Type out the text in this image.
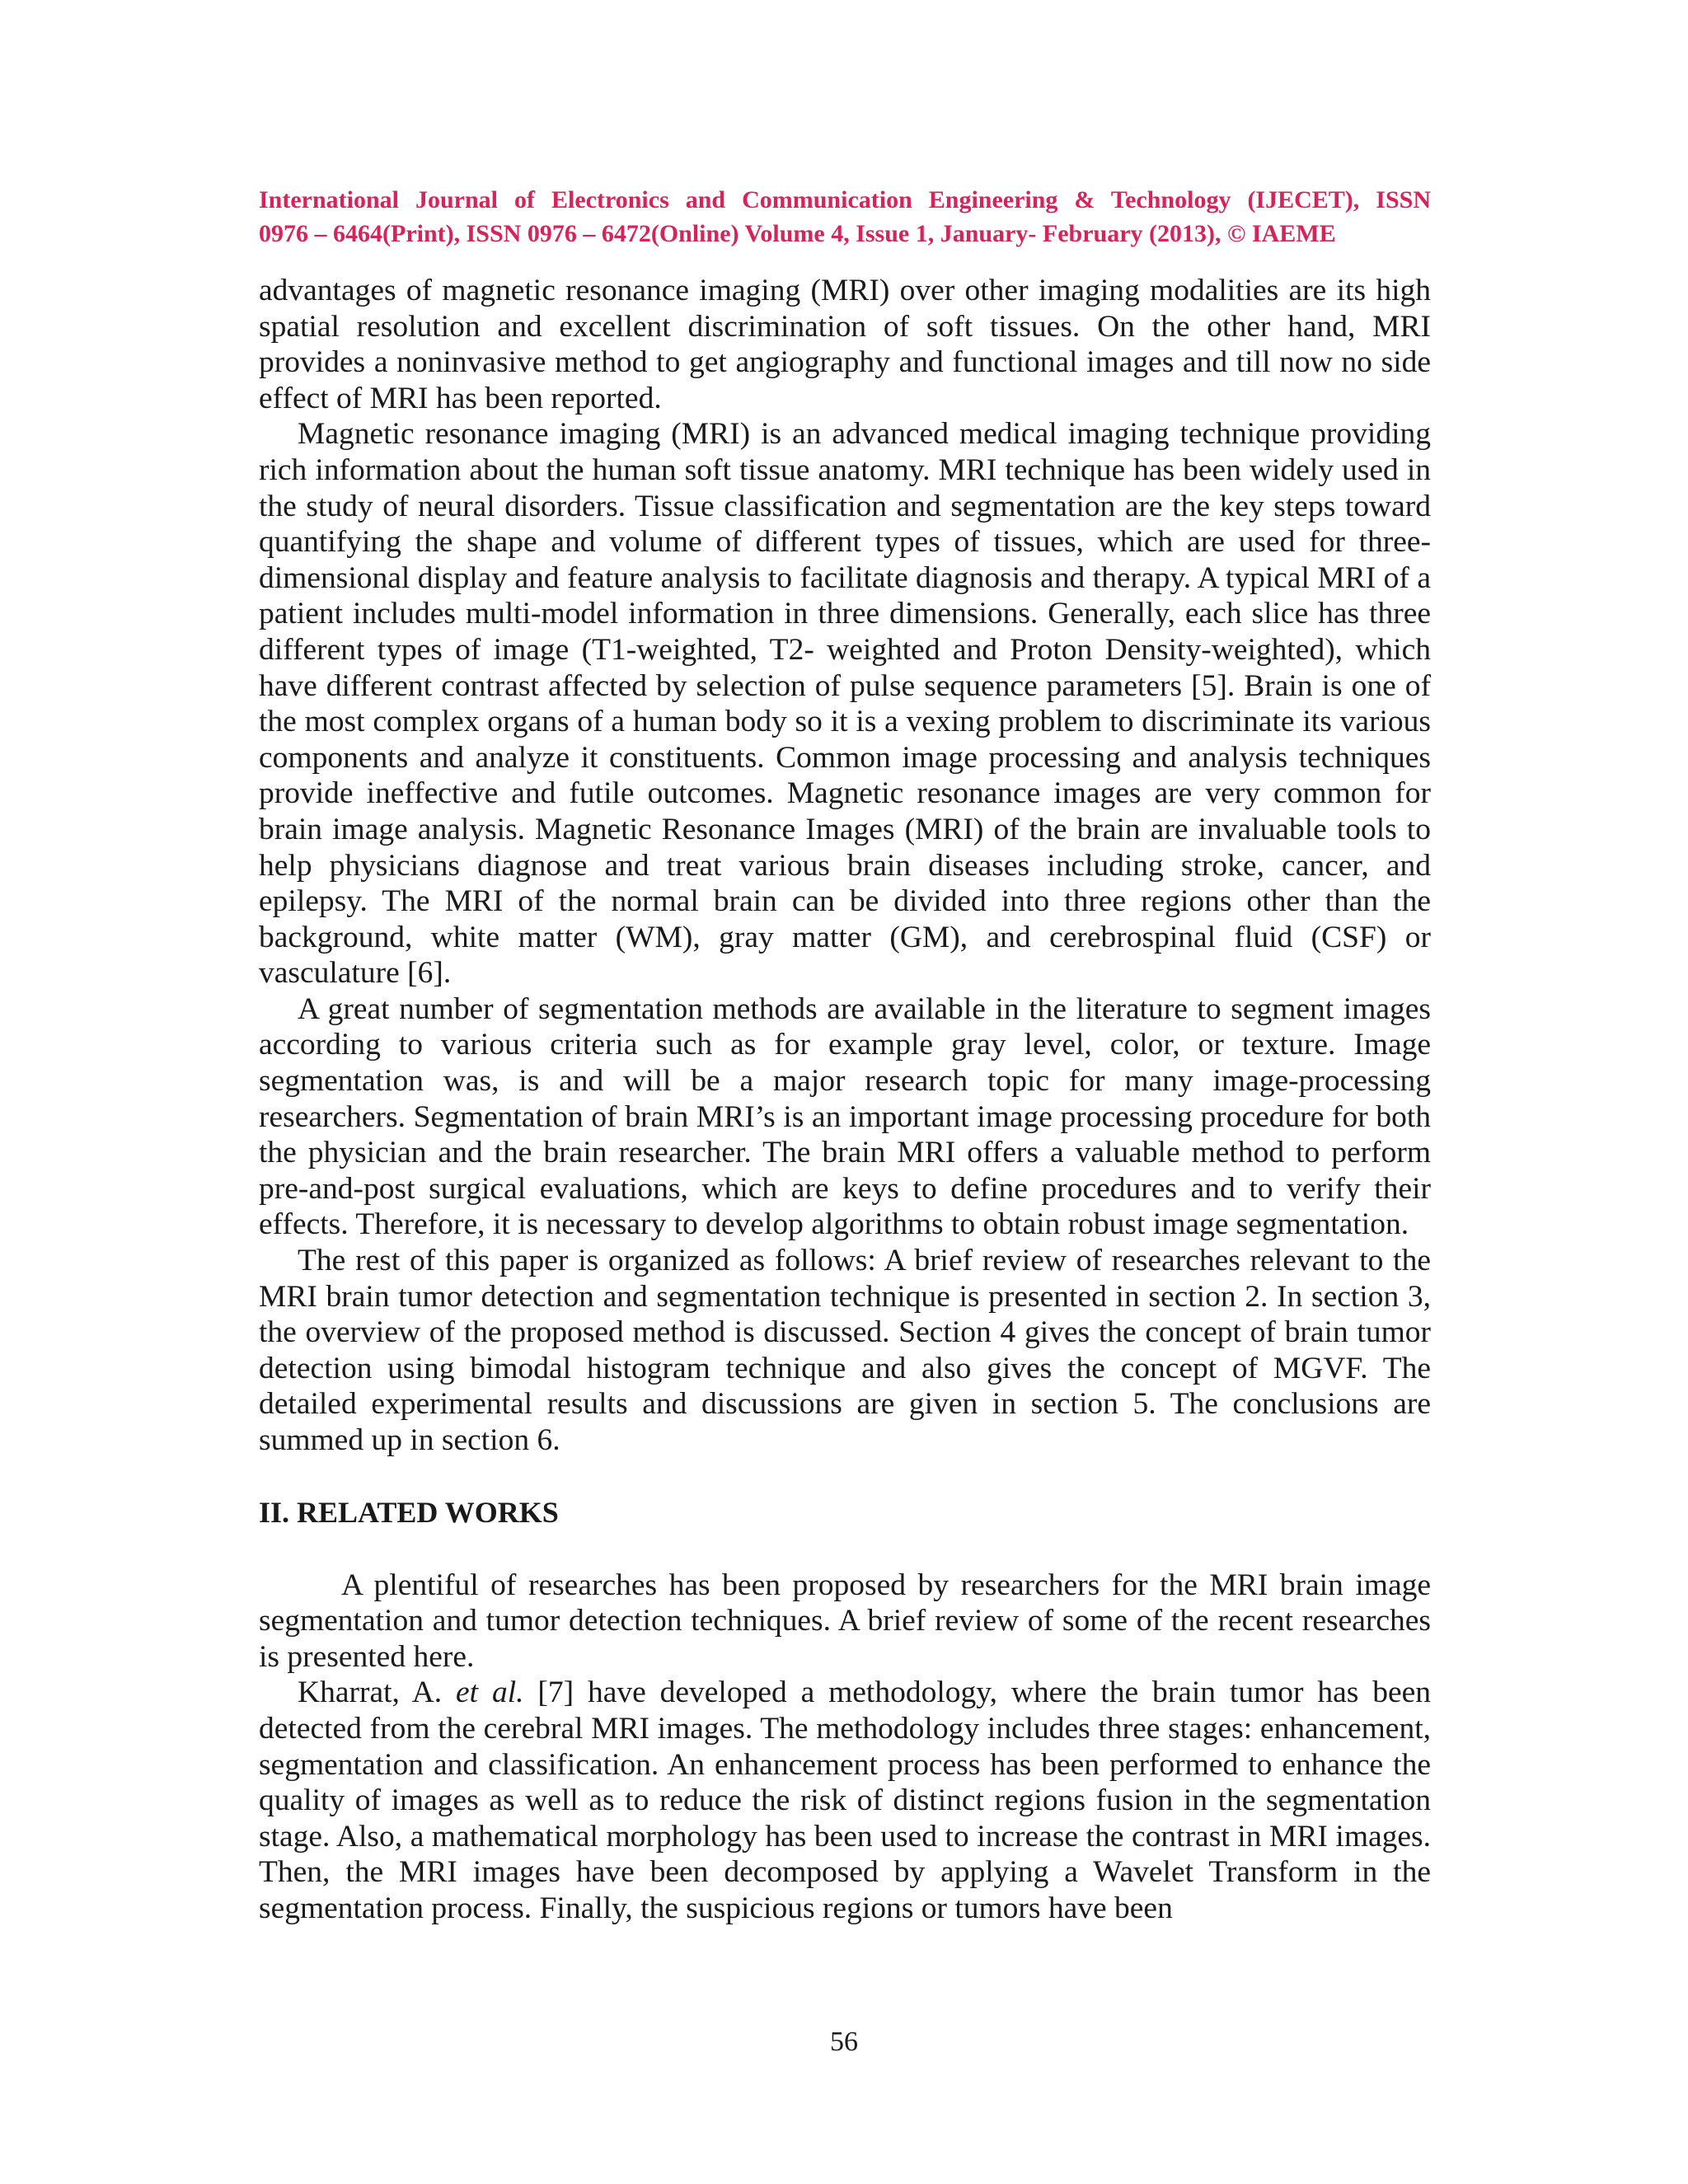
International Journal of Electronics and Communication Engineering & Technology (IJECET), ISSN
0976 – 6464(Print), ISSN 0976 – 6472(Online) Volume 4, Issue 1, January- February (2013), © IAEME

advantages of magnetic resonance imaging (MRI) over other imaging modalities are its high spatial resolution and excellent discrimination of soft tissues. On the other hand, MRI provides a noninvasive method to get angiography and functional images and till now no side effect of MRI has been reported.

Magnetic resonance imaging (MRI) is an advanced medical imaging technique providing rich information about the human soft tissue anatomy. MRI technique has been widely used in the study of neural disorders. Tissue classification and segmentation are the key steps toward quantifying the shape and volume of different types of tissues, which are used for three- dimensional display and feature analysis to facilitate diagnosis and therapy. A typical MRI of a patient includes multi-model information in three dimensions. Generally, each slice has three different types of image (T1-weighted, T2- weighted and Proton Density-weighted), which have different contrast affected by selection of pulse sequence parameters [5]. Brain is one of the most complex organs of a human body so it is a vexing problem to discriminate its various components and analyze it constituents. Common image processing and analysis techniques provide ineffective and futile outcomes. Magnetic resonance images are very common for brain image analysis. Magnetic Resonance Images (MRI) of the brain are invaluable tools to help physicians diagnose and treat various brain diseases including stroke, cancer, and epilepsy. The MRI of the normal brain can be divided into three regions other than the background, white matter (WM), gray matter (GM), and cerebrospinal fluid (CSF) or vasculature [6].

A great number of segmentation methods are available in the literature to segment images according to various criteria such as for example gray level, color, or texture. Image segmentation was, is and will be a major research topic for many image-processing researchers. Segmentation of brain MRI’s is an important image processing procedure for both the physician and the brain researcher. The brain MRI offers a valuable method to perform pre-and-post surgical evaluations, which are keys to define procedures and to verify their effects. Therefore, it is necessary to develop algorithms to obtain robust image segmentation.

The rest of this paper is organized as follows: A brief review of researches relevant to the MRI brain tumor detection and segmentation technique is presented in section 2. In section 3, the overview of the proposed method is discussed. Section 4 gives the concept of brain tumor detection using bimodal histogram technique and also gives the concept of MGVF. The detailed experimental results and discussions are given in section 5. The conclusions are summed up in section 6.

II. RELATED WORKS

A plentiful of researches has been proposed by researchers for the MRI brain image segmentation and tumor detection techniques. A brief review of some of the recent researches is presented here.

Kharrat, A. et al. [7] have developed a methodology, where the brain tumor has been detected from the cerebral MRI images. The methodology includes three stages: enhancement, segmentation and classification. An enhancement process has been performed to enhance the quality of images as well as to reduce the risk of distinct regions fusion in the segmentation stage. Also, a mathematical morphology has been used to increase the contrast in MRI images. Then, the MRI images have been decomposed by applying a Wavelet Transform in the segmentation process. Finally, the suspicious regions or tumors have been

56
